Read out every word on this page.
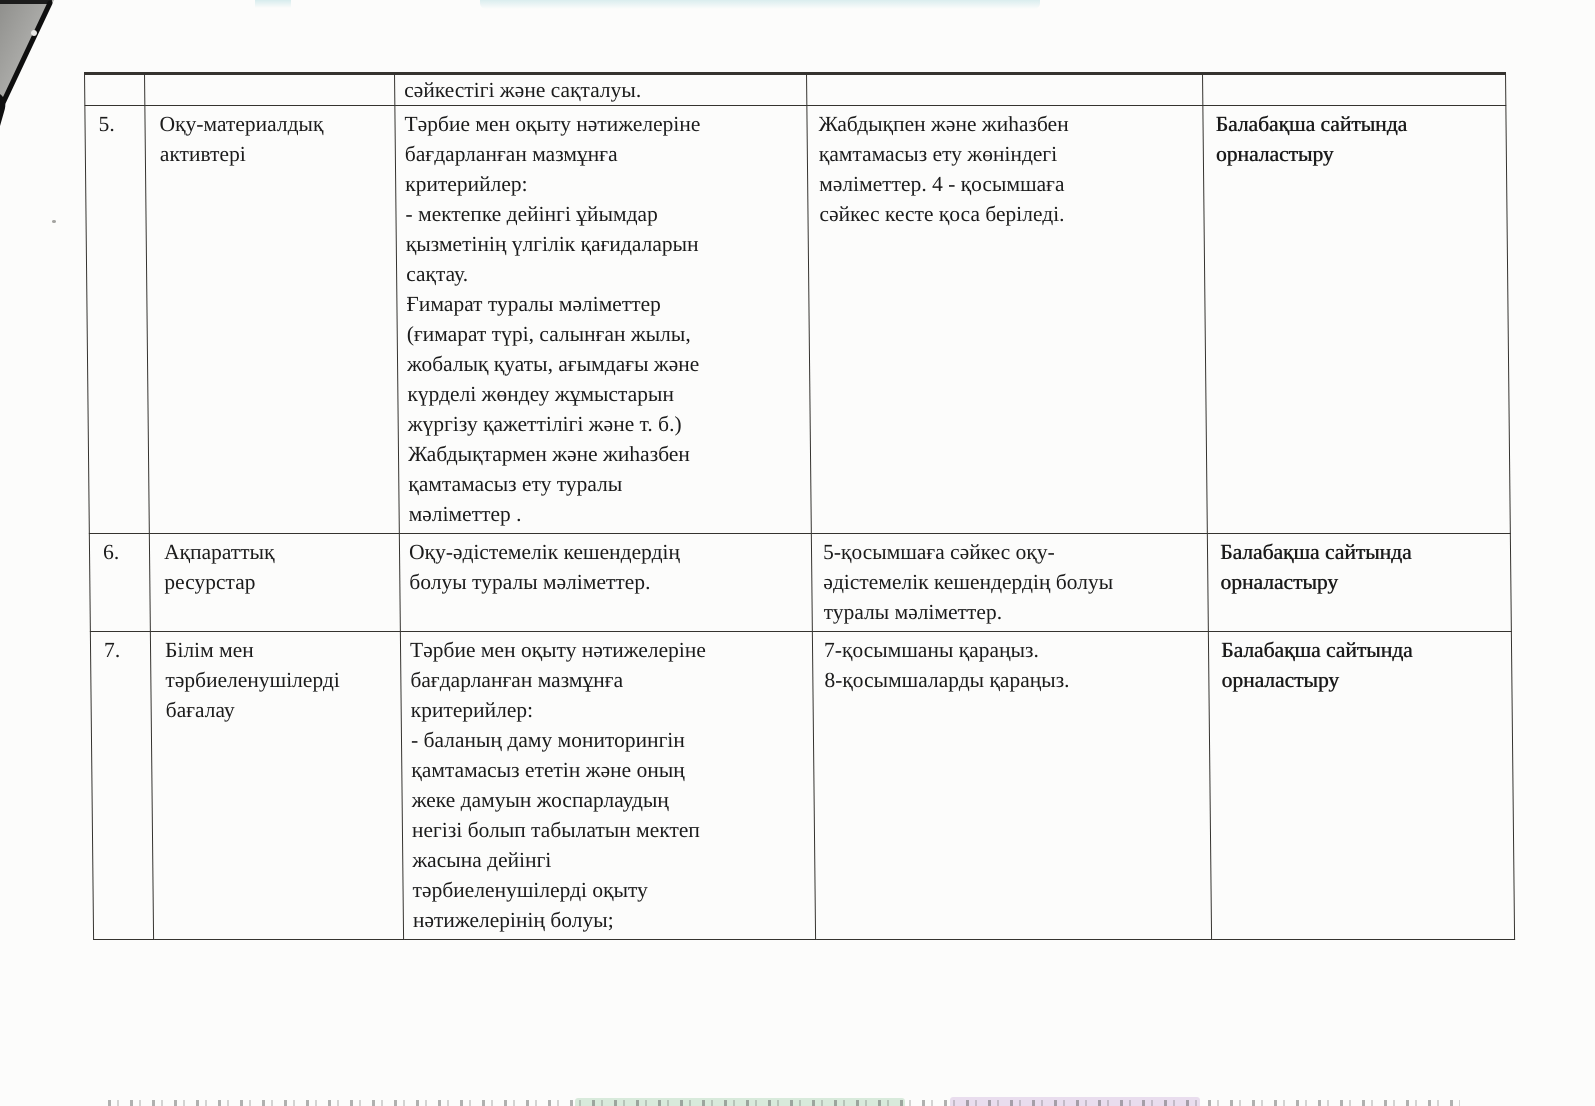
		сәйкестігі және сақталуы.		
5.	Оқу-материалдық
активтері	Тәрбие мен оқыту нәтижелеріне
бағдарланған мазмұнға
критерийлер:
- мектепке дейінгі ұйымдар
қызметінің үлгілік қағидаларын
сақтау.
Ғимарат туралы мәліметтер
(ғимарат түрі, салынған жылы,
жобалық қуаты, ағымдағы және
күрделі жөндеу жұмыстарын
жүргізу қажеттілігі және т. б.)
Жабдықтармен және жиһазбен
қамтамасыз ету туралы
мәліметтер .	Жабдықпен және жиһазбен
қамтамасыз ету жөніндегі
мәліметтер. 4 - қосымшаға
сәйкес кесте қоса беріледі.	Балабақша сайтында
орналастыру
6.	Ақпараттық
ресурстар	Оқу-әдістемелік кешендердің
болуы туралы мәліметтер.	5-қосымшаға сәйкес оқу-
әдістемелік кешендердің болуы
туралы мәліметтер.	Балабақша сайтында
орналастыру
7.	Білім мен
тәрбиеленушілерді
бағалау	Тәрбие мен оқыту нәтижелеріне
бағдарланған мазмұнға
критерийлер:
- баланың даму мониторингін
қамтамасыз ететін және оның
жеке дамуын жоспарлаудың
негізі болып табылатын мектеп
жасына дейінгі
тәрбиеленушілерді оқыту
нәтижелерінің болуы;	7-қосымшаны қараңыз.
8-қосымшаларды қараңыз.	Балабақша сайтында
орналастыру
